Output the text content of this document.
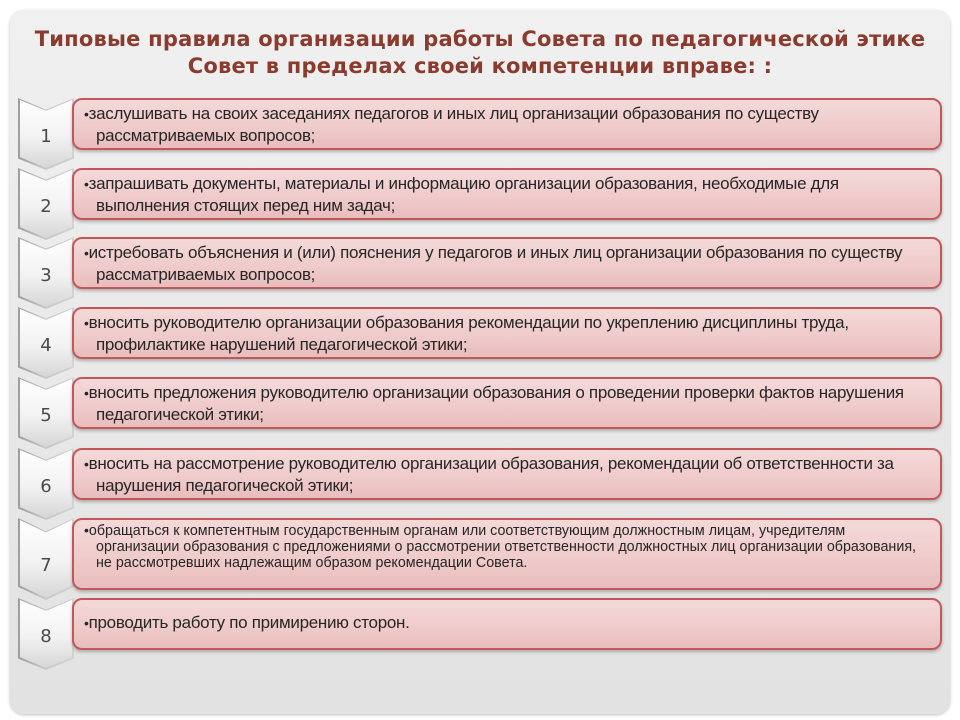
Типовые правила организации работы Совета по педагогической этике
Совет в пределах своей компетенции вправе: :
1
•заслушивать на своих заседаниях педагогов и иных лиц организации образования по существу рассматриваемых вопросов;
2
•запрашивать документы, материалы и информацию организации образования, необходимые для выполнения стоящих перед ним задач;
3
•истребовать объяснения и (или) пояснения у педагогов и иных лиц организации образования по существу рассматриваемых вопросов;
4
•вносить руководителю организации образования рекомендации по укреплению дисциплины труда, профилактике нарушений педагогической этики;
5
•вносить предложения руководителю организации образования о проведении проверки фактов нарушения педагогической этики;
6
•вносить на рассмотрение руководителю организации образования, рекомендации об ответственности за нарушения педагогической этики;
7
•обращаться к компетентным государственным органам или соответствующим должностным лицам, учредителям организации образования с предложениями о рассмотрении ответственности должностных лиц организации образования, не рассмотревших надлежащим образом рекомендации Совета.
8
•проводить работу по примирению сторон.
